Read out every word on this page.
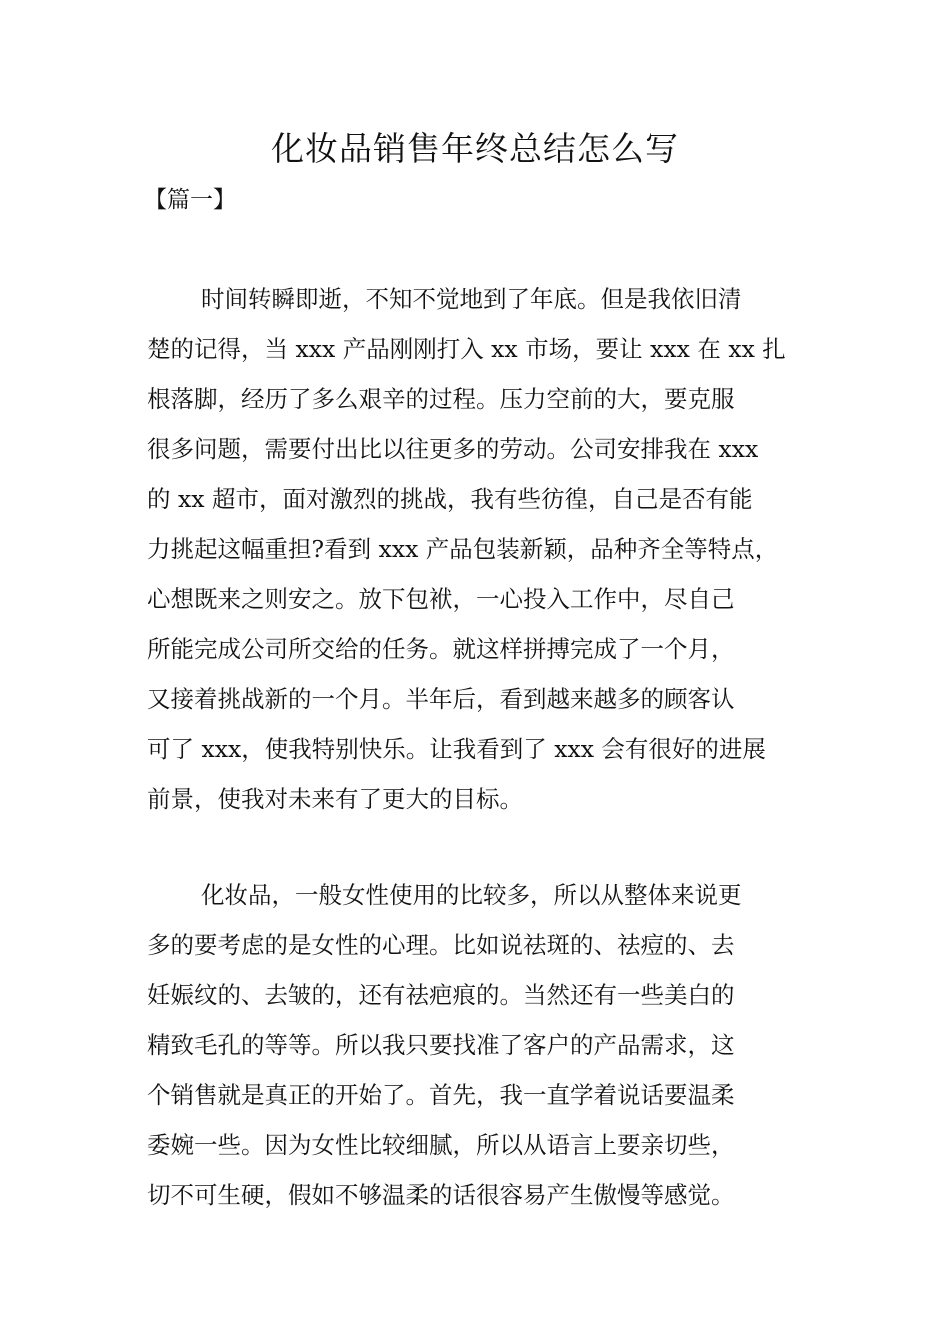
化妆品销售年终总结怎么写
【篇一】
时间转瞬即逝，不知不觉地到了年底。但是我依旧清
楚的记得，当 xxx 产品刚刚打入 xx 市场，要让 xxx 在 xx 扎
根落脚，经历了多么艰辛的过程。压力空前的大，要克服
很多问题，需要付出比以往更多的劳动。公司安排我在 xxx
的 xx 超市，面对激烈的挑战，我有些彷徨，自己是否有能
力挑起这幅重担?看到 xxx 产品包装新颖，品种齐全等特点，
心想既来之则安之。放下包袱，一心投入工作中，尽自己
所能完成公司所交给的任务。就这样拼搏完成了一个月，
又接着挑战新的一个月。半年后，看到越来越多的顾客认
可了 xxx，使我特别快乐。让我看到了 xxx 会有很好的进展
前景，使我对未来有了更大的目标。
化妆品，一般女性使用的比较多，所以从整体来说更
多的要考虑的是女性的心理。比如说祛斑的、祛痘的、去
妊娠纹的、去皱的，还有祛疤痕的。当然还有一些美白的
精致毛孔的等等。所以我只要找准了客户的产品需求，这
个销售就是真正的开始了。首先，我一直学着说话要温柔
委婉一些。因为女性比较细腻，所以从语言上要亲切些，
切不可生硬，假如不够温柔的话很容易产生傲慢等感觉。
